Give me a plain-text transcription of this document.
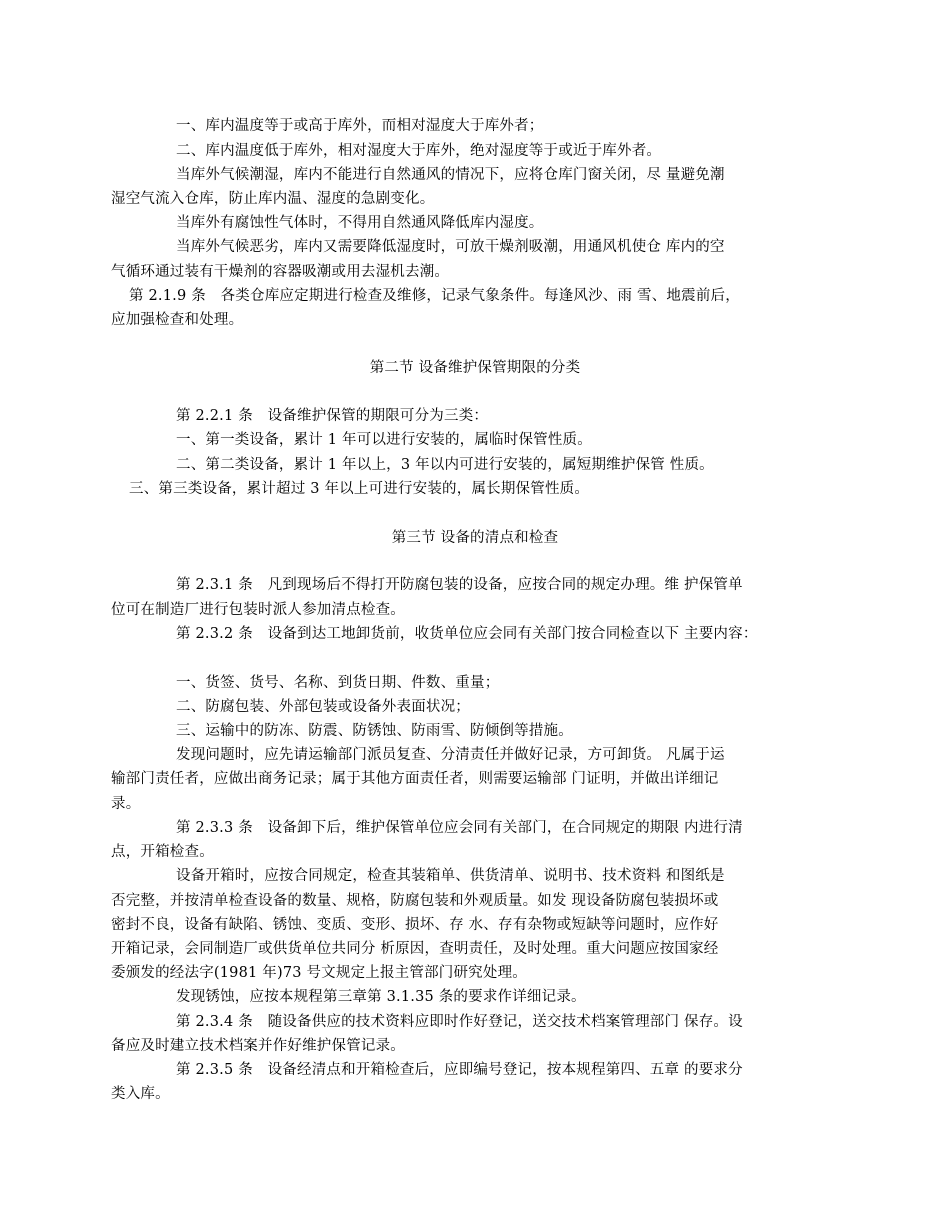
一、库内温度等于或高于库外，而相对湿度大于库外者；
二、库内温度低于库外，相对湿度大于库外，绝对湿度等于或近于库外者。
当库外气候潮湿，库内不能进行自然通风的情况下，应将仓库门窗关闭，尽 量避免潮
湿空气流入仓库，防止库内温、湿度的急剧变化。
当库外有腐蚀性气体时，不得用自然通风降低库内湿度。
当库外气候恶劣，库内又需要降低湿度时，可放干燥剂吸潮，用通风机使仓 库内的空
气循环通过装有干燥剂的容器吸潮或用去湿机去潮。
第 2.1.9 条　各类仓库应定期进行检查及维修，记录气象条件。每逢风沙、雨 雪、地震前后，
应加强检查和处理。
第二节 设备维护保管期限的分类
第 2.2.1 条　设备维护保管的期限可分为三类：
一、第一类设备，累计 1 年可以进行安装的，属临时保管性质。
二、第二类设备，累计 1 年以上，3 年以内可进行安装的，属短期维护保管 性质。
三、第三类设备，累计超过 3 年以上可进行安装的，属长期保管性质。
第三节 设备的清点和检查
第 2.3.1 条　凡到现场后不得打开防腐包装的设备，应按合同的规定办理。维 护保管单
位可在制造厂进行包装时派人参加清点检查。
第 2.3.2 条　设备到达工地卸货前，收货单位应会同有关部门按合同检查以下 主要内容：
一、货签、货号、名称、到货日期、件数、重量；
二、防腐包装、外部包装或设备外表面状况；
三、运输中的防冻、防震、防锈蚀、防雨雪、防倾倒等措施。
发现问题时，应先请运输部门派员复查、分清责任并做好记录，方可卸货。 凡属于运
输部门责任者，应做出商务记录；属于其他方面责任者，则需要运输部 门证明，并做出详细记
录。
第 2.3.3 条　设备卸下后，维护保管单位应会同有关部门，在合同规定的期限 内进行清
点，开箱检查。
设备开箱时，应按合同规定，检查其装箱单、供货清单、说明书、技术资料 和图纸是
否完整，并按清单检查设备的数量、规格，防腐包装和外观质量。如发 现设备防腐包装损坏或
密封不良，设备有缺陷、锈蚀、变质、变形、损坏、存 水、存有杂物或短缺等问题时，应作好
开箱记录，会同制造厂或供货单位共同分 析原因，查明责任，及时处理。重大问题应按国家经
委颁发的经法字(1981 年)73 号文规定上报主管部门研究处理。
发现锈蚀，应按本规程第三章第 3.1.35 条的要求作详细记录。
第 2.3.4 条　随设备供应的技术资料应即时作好登记，送交技术档案管理部门 保存。设
备应及时建立技术档案并作好维护保管记录。
第 2.3.5 条　设备经清点和开箱检查后，应即编号登记，按本规程第四、五章 的要求分
类入库。
